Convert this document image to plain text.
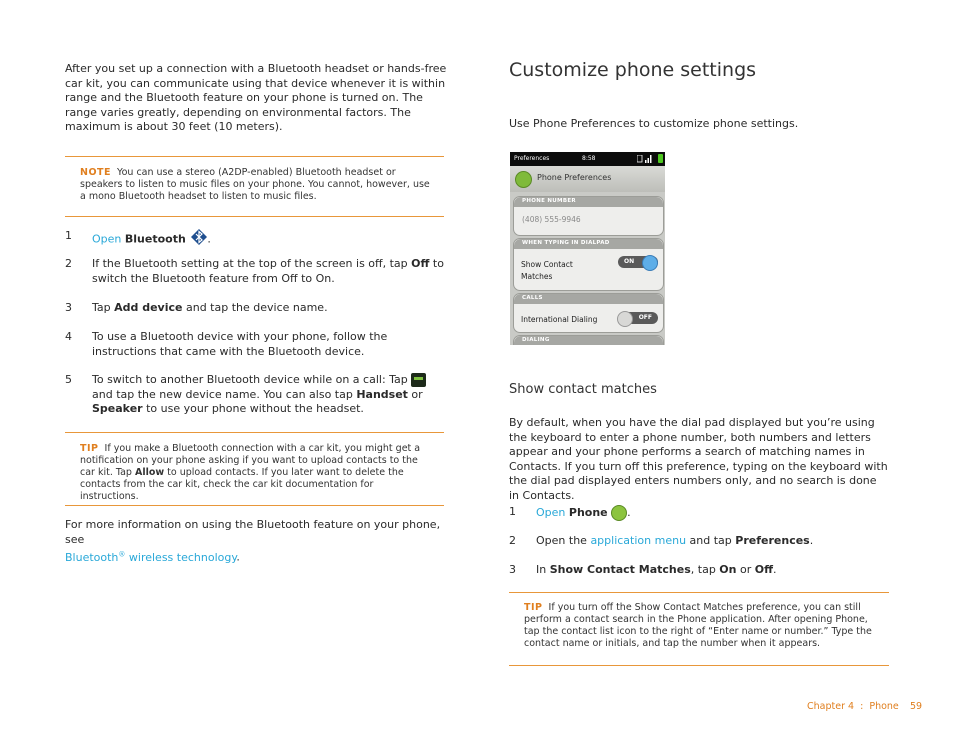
After you set up a connection with a Bluetooth headset or hands-free car kit, you can communicate using that device whenever it is within range and the Bluetooth feature on your phone is turned on. The range varies greatly, depending on environmental factors. The maximum is about 30 feet (10 meters).
NOTE You can use a stereo (A2DP-enabled) Bluetooth headset or speakers to listen to music files on your phone. You cannot, however, use a mono Bluetooth headset to listen to music files.
1 Open Bluetooth .
2 If the Bluetooth setting at the top of the screen is off, tap Off to switch the Bluetooth feature from Off to On.
3 Tap Add device and tap the device name.
4 To use a Bluetooth device with your phone, follow the instructions that came with the Bluetooth device.
5 To switch to another Bluetooth device while on a call: Tap
and tap the new device name. You can also tap Handset or Speaker to use your phone without the headset.
TIP If you make a Bluetooth connection with a car kit, you might get a notification on your phone asking if you want to upload contacts to the car kit. Tap Allow to upload contacts. If you later want to delete the contacts from the car kit, check the car kit documentation for instructions.
For more information on using the Bluetooth feature on your phone, see
Bluetooth® wireless technology.
Customize phone settings
Use Phone Preferences to customize phone settings.
Preferences	8:58
Phone Preferences
PHONE NUMBER
(408) 555-9946
WHEN TYPING IN DIALPAD
Show Contact
Matches
ON
CALLS
International Dialing	OFF
DIALING
Show contact matches
By default, when you have the dial pad displayed but you’re using the keyboard to enter a phone number, both numbers and letters appear and your phone performs a search of matching names in Contacts. If you turn off this preference, typing on the keyboard with the dial pad displayed enters numbers only, and no search is done in Contacts.
1 Open Phone .
2 Open the application menu and tap Preferences.
3 In Show Contact Matches, tap On or Off.
TIP If you turn off the Show Contact Matches preference, you can still perform a contact search in the Phone application. After opening Phone, tap the contact list icon to the right of “Enter name or number.” Type the contact name or initials, and tap the number when it appears.
Chapter 4 : Phone 59
